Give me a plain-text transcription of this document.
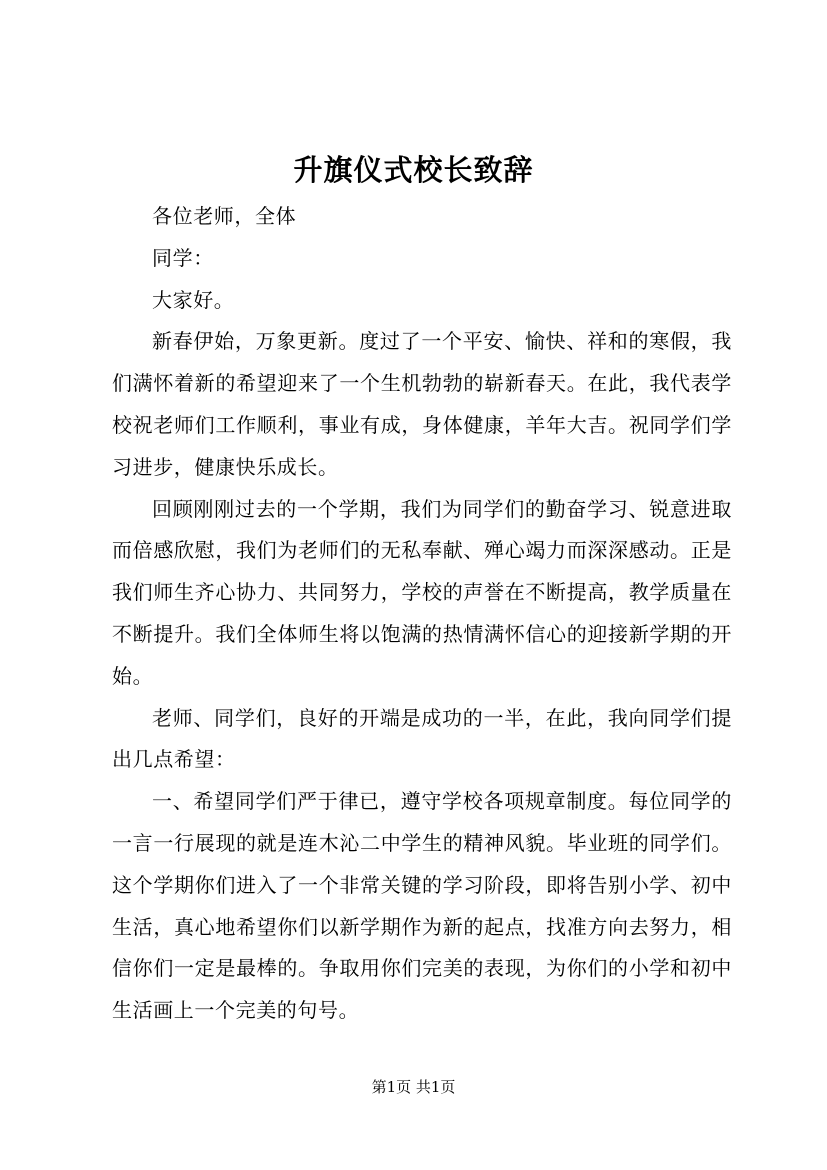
升旗仪式校长致辞

各位老师，全体

同学：

大家好。

新春伊始，万象更新。度过了一个平安、愉快、祥和的寒假，我们满怀着新的希望迎来了一个生机勃勃的崭新春天。在此，我代表学校祝老师们工作顺利，事业有成，身体健康，羊年大吉。祝同学们学习进步，健康快乐成长。

回顾刚刚过去的一个学期，我们为同学们的勤奋学习、锐意进取而倍感欣慰，我们为老师们的无私奉献、殚心竭力而深深感动。正是我们师生齐心协力、共同努力，学校的声誉在不断提高，教学质量在不断提升。我们全体师生将以饱满的热情满怀信心的迎接新学期的开始。

老师、同学们，良好的开端是成功的一半，在此，我向同学们提出几点希望：

一、希望同学们严于律已，遵守学校各项规章制度。每位同学的一言一行展现的就是连木沁二中学生的精神风貌。毕业班的同学们。这个学期你们进入了一个非常关键的学习阶段，即将告别小学、初中生活，真心地希望你们以新学期作为新的起点，找准方向去努力，相信你们一定是最棒的。争取用你们完美的表现，为你们的小学和初中生活画上一个完美的句号。

第1页 共1页
